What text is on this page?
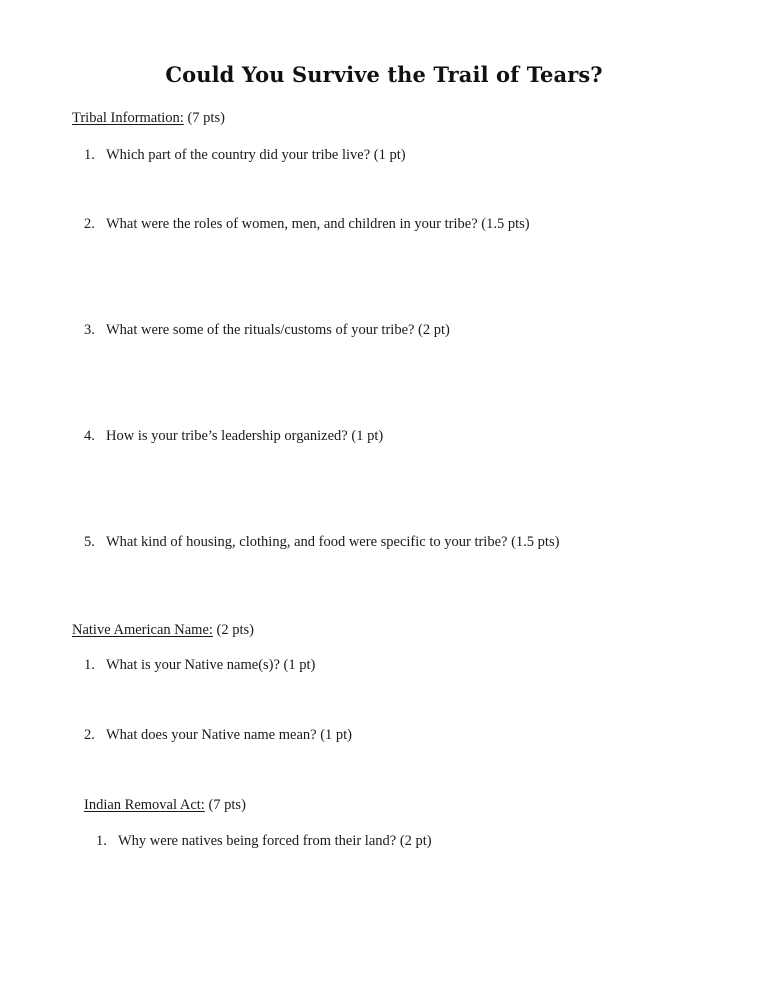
Could You Survive the Trail of Tears?
Tribal Information: (7 pts)
1. Which part of the country did your tribe live? (1 pt)
2. What were the roles of women, men, and children in your tribe? (1.5 pts)
3. What were some of the rituals/customs of your tribe? (2 pt)
4. How is your tribe’s leadership organized? (1 pt)
5. What kind of housing, clothing, and food were specific to your tribe? (1.5 pts)
Native American Name: (2 pts)
1. What is your Native name(s)? (1 pt)
2. What does your Native name mean? (1 pt)
Indian Removal Act: (7 pts)
1. Why were natives being forced from their land? (2 pt)
